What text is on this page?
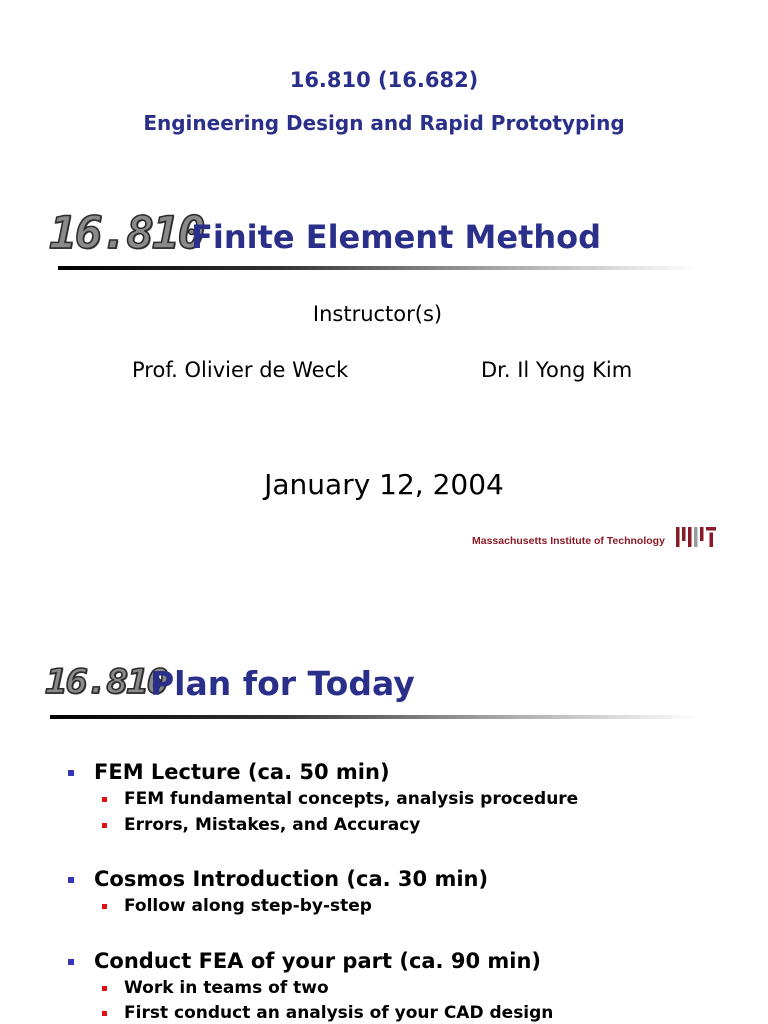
16.810 (16.682)
Engineering Design and Rapid Prototyping
16.810
Finite Element Method
Instructor(s)
Prof. Olivier de Weck	Dr. Il Yong Kim
January 12, 2004
Massachusetts Institute of Technology
16.810
Plan for Today
FEM Lecture (ca. 50 min)
FEM fundamental concepts, analysis procedure
Errors, Mistakes, and Accuracy
Cosmos Introduction (ca. 30 min)
Follow along step-by-step
Conduct FEA of your part (ca. 90 min)
Work in teams of two
First conduct an analysis of your CAD design
